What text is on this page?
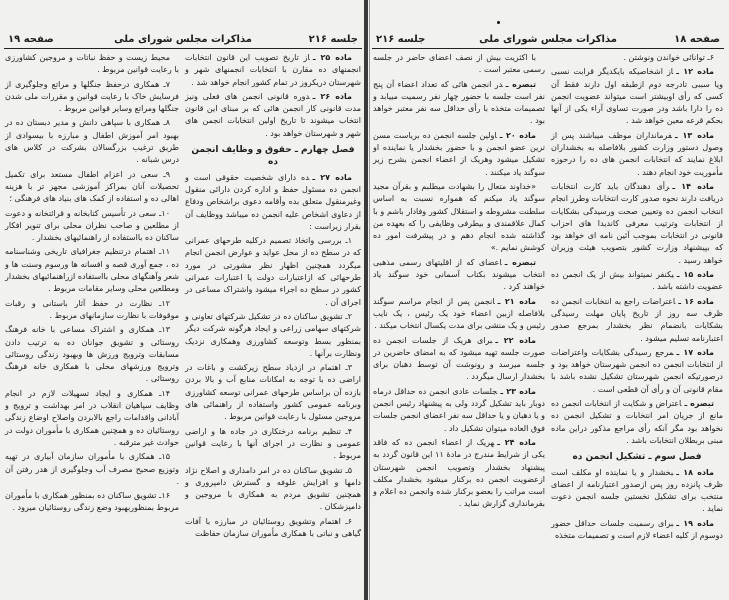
جلسه ۲۱۶
مذاکرات مجلس شورای ملی
صفحه ۱۹

ماده ۲۵ ـاز تاریخ تصویب این قانون انتخابات انجمنهای ده مقارن با انتخابات انجمنهای شهر و شهرستان دریکروز در تمام کشور انجام خواهد شد .

ماده ۲۶ ـدوره قانونی انجمن های فعلی ونیز مدت قانونی کار انجمن هائی که بر مبنای این قانون انتخاب میشوند تا تاریخ اولین انتخابات انجمن های شهر و شهرستان خواهد بود .

فصل چهارم ـ حقوق و وظایف انجمن ده

ماده ۲۷ ـده دارای شخصیت حقوقی است و انجمن ده مسئول حفظ و اداره کردن دارائی منقول وغیرمنقول متعلق بده وأقامه دعوی براشخاص ودفاع از دعاوی اشخاص علیه انجمن ده میباشد ووظایف آن بقرار زیراست :

۱ـ بررسی واتخاذ تصمیم درکلیه طرحهای عمرانی که در سطح ده از محل عواید و عوارض انجمن انجام میگردد همچنین اظهار نظر مشورتی در مورد طرحهائی که ازاعتبارات دولت یا اعتبارات عمرانی کشور در سطح ده اجراء میشود واشتراک مساعی در اجرای آن .

۲ـ تشویق ساکنان ده در تشکیل شرکتهای تعاونی و شرکتهای سهامی زراعی و ایجاد هرگونه شرکت دیگر بمنظور بسط وتوسعه کشاورزی وهمکاری نزدیک ونظارت برآنها .

۳ـ اهتمام در ازدیاد سطح زیرکشت و باغات در اراضی ده با توجه به امکانات منابع آب و بالا بردن بازده آن براساس طرحهای عمرانی توسعه کشاورزی وبرنامه عمومی کشور واستفاده از راهنمائی های مروجین مسئول با رعایت قوانین مربوط .

۴ـ تنظیم برنامه درختکاری در جاده ها و اراضی عمومی و نظارت در اجرای آنها با رعایت قوانین مربوط .

۵ـ تشویق ساکنان ده در امر دامداری و اصلاح نژاد دامها و افزایش علوفه و گسترش دامپروری و همچنین تشویق مردم به همکاری با مروجین و دامپزشکان .

۶ـ اهتمام وتشویق روستائیان در مبارزه با آفات گیاهی و نباتی با همکاری مأموران سازمان حفاظت

محیط زیست و حفظ نباتات و مروجین کشاورزی با رعایت قوانین مربوط .

۷ـ همکاری درحفظ جنگلها و مراتع وجلوگیری از فرسایش خاک با رعایت قوانین و مقررات ملی شدن جنگلها ومراتع وسایر قوانین مربوط .

۸ـ همکاری با سپاهی دانش و مدیر دبستان ده در بهبود امر آموزش اطفال و مبارزه با بیسوادی از طریق ترغیب بزرگسالان بشرکت در کلاس های درس شبانه .

۹ـ سعی در اعزام اطفال مستعد برای تکمیل تحصیلات آنان بمراکز آموزشی مجهز تر با هزینه اهالی ده و استفاده از کمک های بنیاد های فرهنگی ؛

۱۰ـ سعی در تأسیس کتابخانه و قرائتخانه و دعوت از مطلعین و صاحب نظران محلی برای تنویر افکار ساکنان ده بااستفاده از راهنمائیهای بخشدار .

۱۱ـ اهتمام درتنظیم جغرافیای تاریخی وشناسنامه ده ، جمع آوری قصه و افسانه ها ورسوم وسنت ها و شعر وآهنگهای محلی بااستفاده ازراهنمائیهای بخشدار ومطلعین محلی وسایر مقامات مربوط .

۱۲ـ نظارت در حفظ آثار باستانی و رقبات موقوفات با نظارت سازمانهای مربوط .

۱۳ـ همکاری و اشتراک مساعی با خانه فرهنگ روستائی و تشویق جوانان ده به ترتیب دادن مسابقات وترویج ورزش ها وبهبود زندگی روستائی وترویج ورزشهای محلی با همکاری خانه فرهنگ روستائی .

۱۴ـ همکاری و ایجاد تسهیلات لازم در انجام وظایف سپاهیان انقلاب در امر بهداشت و ترویج و آبادانی واقدامات راجع بالابردن واصلاح اوضاع زندگی روستائیان ده و همچنین همکاری با مأموران دولت در حوادث غیر مترقبه .

۱۵ـ همکاری با مأموران سازمان آبیاری در تهیه وتوزیع صحیح مصرف آب وجلوگیری از هدر رفتن آن .

۱۶ـ تشویق ساکنان ده بمنظور همکاری با مأموران مربوط بمنظوربهبود وضع زندگی روستائیان میرود .

صفحه ۱۸
مذاکرات مجلس شورای ملی
جلسه ۲۱۶

۶ـ توانائی خواندن ونوشتن .

ماده ۱۲ ـاز اشخاصیکه بایکدیگر قرابت نسبی ویا سببی تادرجه دوم ازطبقه اول دارند فقط آن کسی که رأی اوبیشتر است میتواند عضویت انجمن ده را دارا باشد ودر صورت تساوی آراء یکی از آنها بحکم قرعه معین خواهد شد .

ماده ۱۳ ـفرمانداران موظف میباشند پس از وصول دستور وزارت کشور بلافاصله به بخشداران ابلاغ نمایند که انتخابات انجمن های ده را درحوزه مأموریت خود انجام دهند .

ماده ۱۴ ـرأی دهندگان باید کارت انتخابات دریافت دارند نحوه صدور کارت انتخابات وطرز انجام انتخاب انجمن ده وتعیین صحت ورسیدگی بشکایات از انتخابات وترتیب معرفی کاندیدا های احزاب قانونی در انتخابات بموجب آئین نامه ای خواهد بود که بپیشنهاد وزارت کشور بتصویب هیئت وزیران خواهد رسید .

ماده ۱۵ ـیکنفر نمیتواند بیش از یک انجمن ده عضویت داشته باشد .

ماده ۱۶ ـاعتراضات راجع به انتخابات انجمن ده ظرف سه روز از تاریخ پایان مهلت رسیدگی بشکایات بانضمام نظر بخشدار بمرجع صدور اعتبارنامه تسلیم میشود .

ماده ۱۷ ـمرجع رسیدگی بشکایات واعتراضات از انتخابات انجمن ده انجمن شهرستان خواهد بود و درصورتیکه انجمن شهرستان تشکیل نشده باشد با مقام قانونی آن و رأی آن قطعی است .

تبصره ـاعتراض و شکایت از انتخابات انجمن ده مانع از جریان امر انتخابات و تشکیل انجمن ده نخواهد بود مگر آنکه رأی مراجع مذکور دراین ماده مبنی بربطلان انتخابات باشد .

فصل سوم ـ تشکیل انجمن ده

ماده ۱۸ ـبخشدار و یا نماینده او مکلف است ظرف پانزده روز پس ازصدور اعتبارنامه از اعضای منتخب برای تشکیل نخستین جلسه انجمن دعوت نماید .

ماده ۱۹ ـبرای رسمیت جلسات حداقل حضور دوسوم از کلیه اعضاء لازم است و تصمیمات متخذه

با اکثریت بیش از نصف اعضای حاضر در جلسه رسمی معتبر است .

تبصره ـدر انجمن هائی که تعداد اعضاء آن پنج نفر است جلسه با حضور چهار نفر رسمیت مییابد و تصمیمات متخذه با رأی حداقل سه نفر معتبر خواهد بود .

ماده ۲۰ ـاولین جلسه انجمن ده بریاست مسن ترین عضو انجمن و با حضور بخشدار یا نماینده او تشکیل میشود وهریک از اعضاء انجمن بشرح زیر سوگند یاد میکنند .

«خداوند متعال را بشهادت میطلبم و بقرآن مجید سوگند یاد میکنم که همواره نسبت به اساس سلطنت مشروطه و استقلال کشور وفادار باشم و با کمال علاقمندی و بیطرفی وظایفی را که بعهده من گذاشته شده انجام دهم و در پیشرفت امور ده کوشش نمایم .»

تبصره ـاعضای که از اقلیتهای رسمی مذهبی انتخاب میشوند بکتاب آسمانی خود سوگند یاد خواهند کرد .

ماده ۲۱ ـانجمن پس از انجام مراسم سوگند بلافاصله ازبین اعضاء خود یک رئیس ، یک نایب رئیس و یک منشی برای مدت یکسال انتخاب میکند .

ماده ۲۲ ـبرای هریک از جلسات انجمن ده صورت جلسه تهیه میشود که به امضای حاضرین در جلسه میرسد و رونوشت آن توسط دهبان برای بخشدار ارسال میگردد .

ماده ۲۳ ـجلسات عادی انجمن ده حداقل درماه دوبار باید تشکیل گردد ولی به پیشنهاد رئیس انجمن و یا دهبان و یا حداقل سه نفر اعضای انجمن جلسات فوق العاده میتوان تشکیل داد .

ماده ۲۴ ـهریک از اعضاء انجمن ده که فاقد یکی از شرایط مندرج در مادهٔ ۱۱ این قانون گردد به پیشنهاد بخشدار وتصویب انجمن شهرستان ازعضویت انجمن ده برکنار میشود بخشدار مکلف است مراتب را بعضو برکنار شده وانجمن ده اعلام و بفرمانداری گزارش نماید .
